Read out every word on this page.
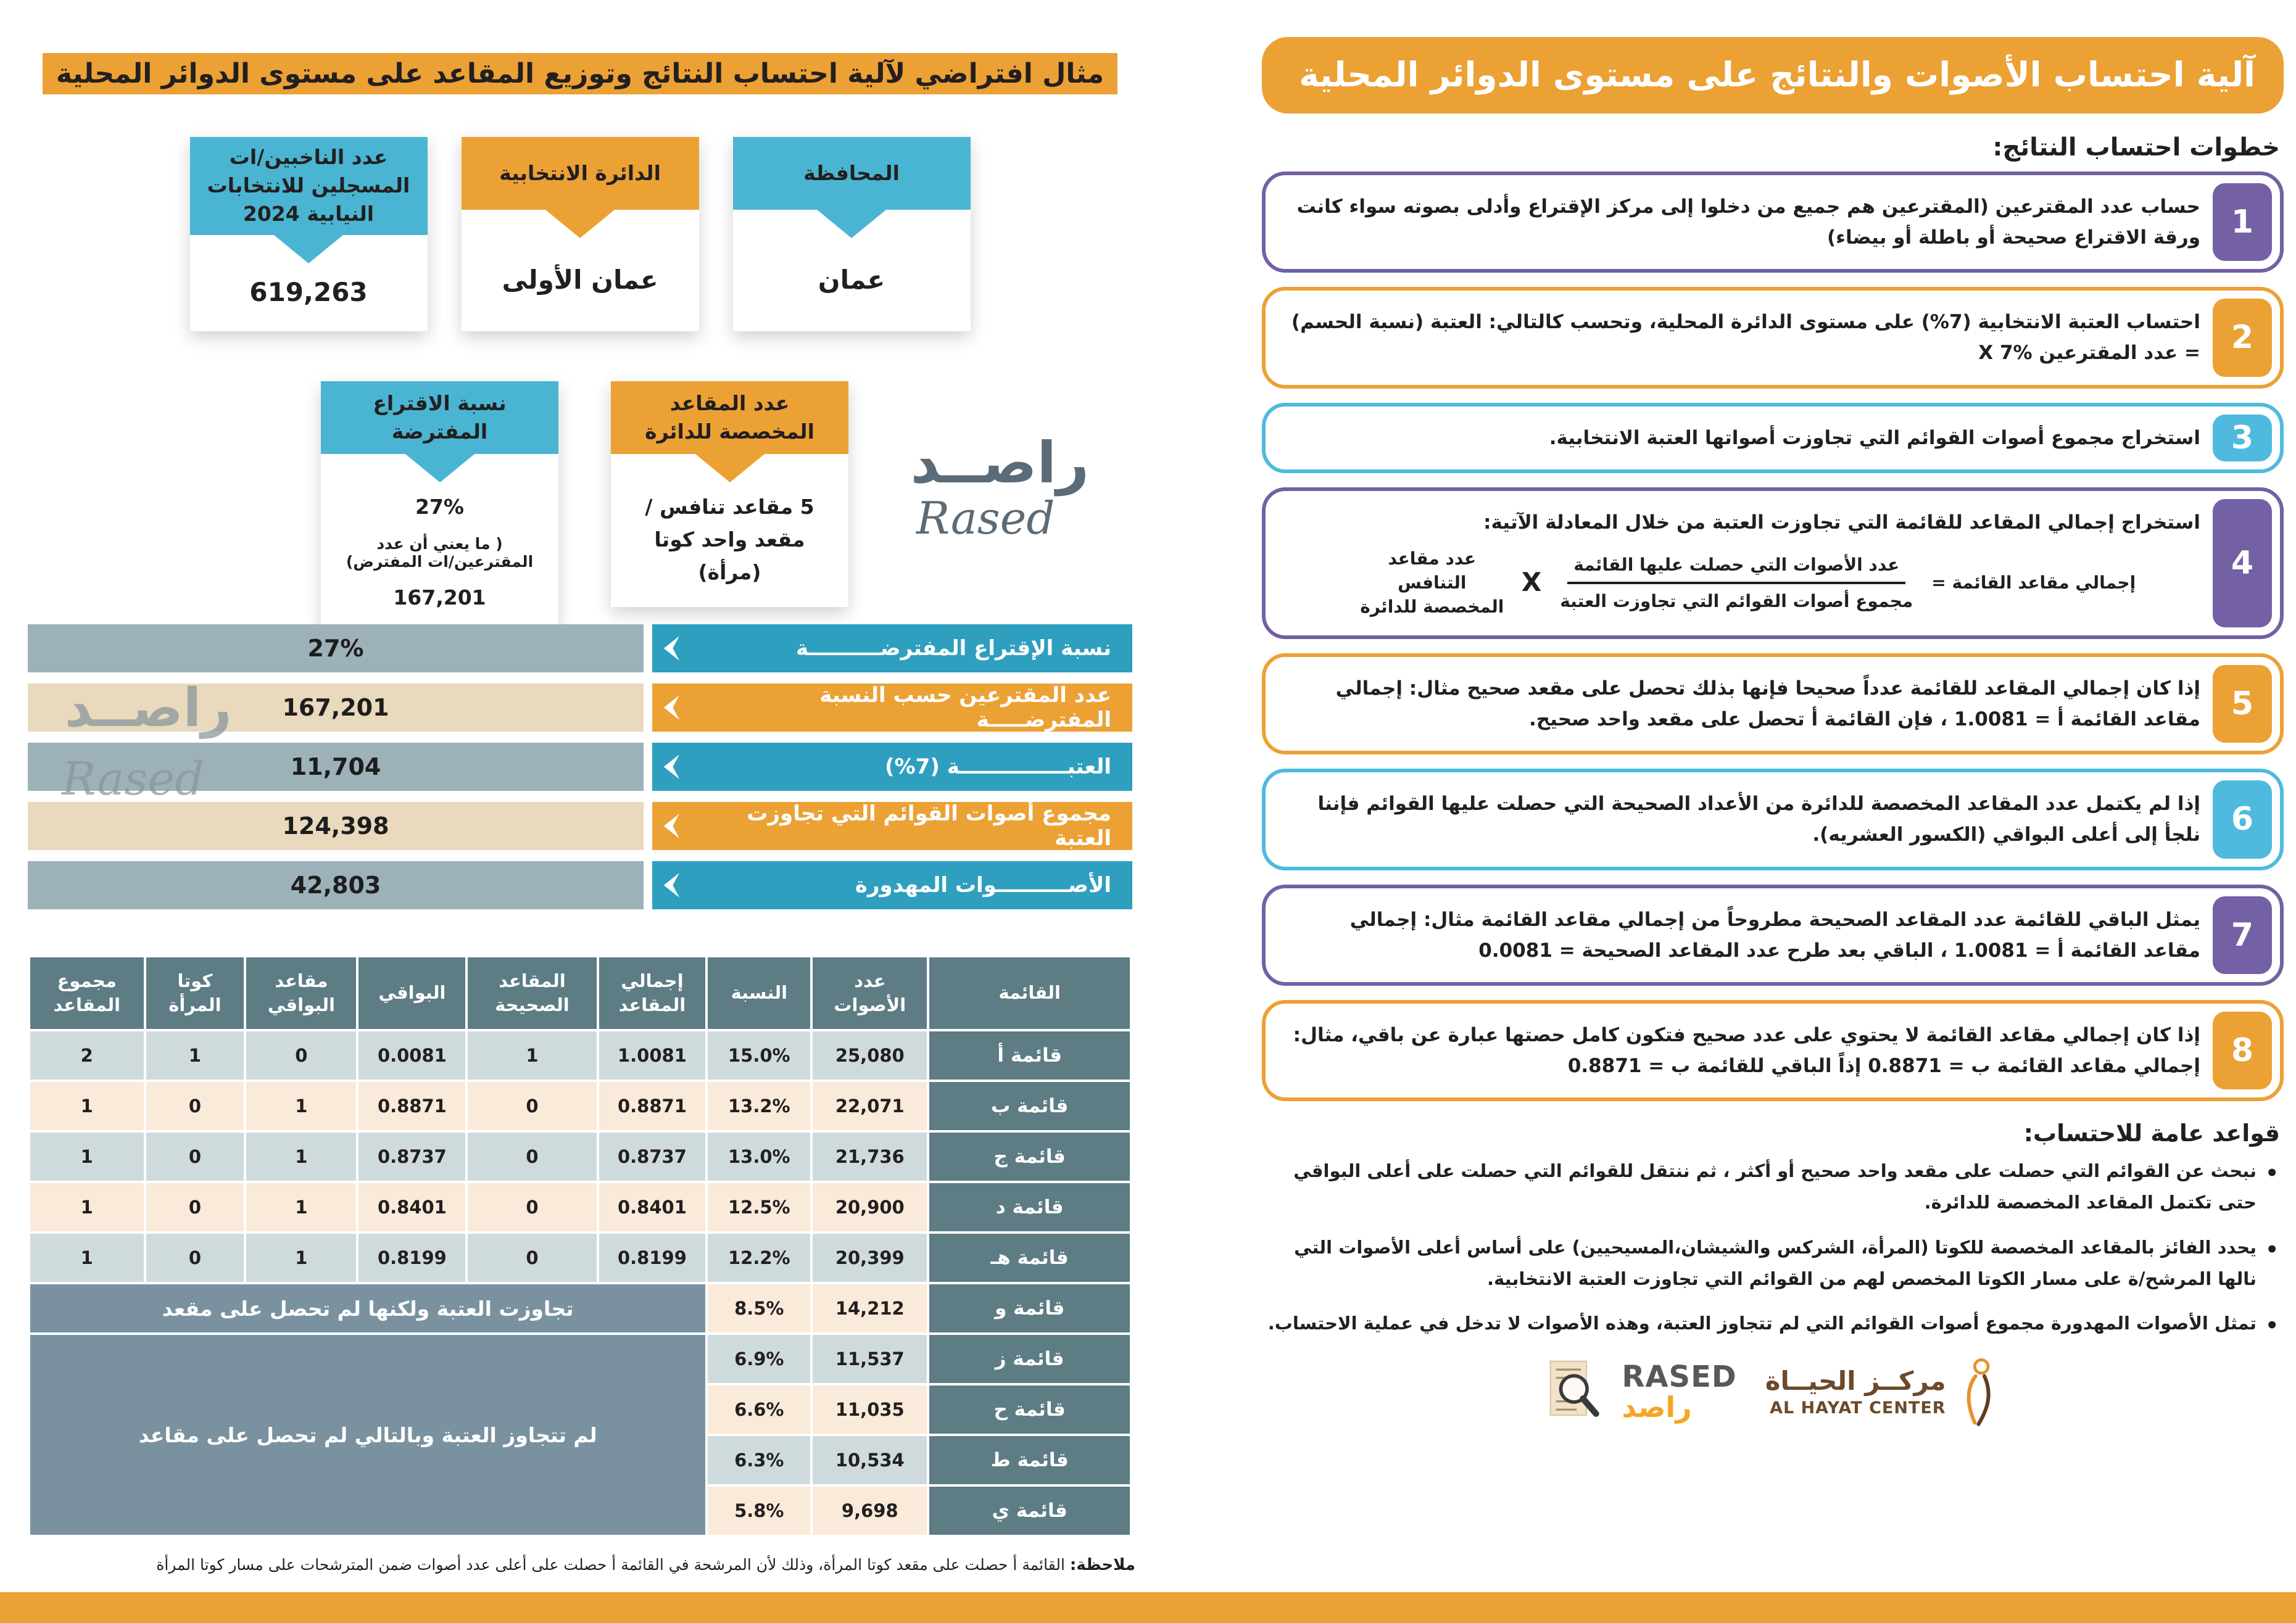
مثال افتراضي لآلية احتساب النتائج وتوزيع المقاعد على مستوى الدوائر المحلية
المحافظة
عمان
الدائرة الانتخابية
عمان الأولى
عدد الناخبين/ات المسجلين للانتخابات النيابية 2024
619,263
عدد المقاعد المخصصة للدائرة
5 مقاعد تنافس / مقعد واحد كوتا (مرأة)
نسبة الاقتراع المفترضة
27%
( ما يعني أن عدد المقترعين/ات المفترض)
167,201
راصــد
Rased
نسبة الإقتراع المفترضــــــــــة
27%
عدد المقترعين حسب النسبة المفترضـــــة
167,201
العتبـــــــــــــــة (7%)
11,704
مجموع أصوات القوائم التي تجاوزت العتبة
124,398
الأصــــــــــوات المهدورة
42,803
راصــد
Rased
القائمة	عدد الأصوات	النسبة	إجمالي المقاعد	المقاعد الصحيحة	البواقي	مقاعد البواقي	كوتا المرأة	مجموع المقاعد
قائمة أ	25,080	15.0%	1.0081	1	0.0081	0	1	2
قائمة ب	22,071	13.2%	0.8871	0	0.8871	1	0	1
قائمة ج	21,736	13.0%	0.8737	0	0.8737	1	0	1
قائمة د	20,900	12.5%	0.8401	0	0.8401	1	0	1
قائمة هـ	20,399	12.2%	0.8199	0	0.8199	1	0	1
قائمة و	14,212	8.5%	تجاوزت العتبة ولكنها لم تحصل على مقعد					
قائمة ز	11,537	6.9%	لم تتجاوز العتبة وبالتالي لم تحصل على مقاعد					
قائمة ح	11,035	6.6%						
قائمة ط	10,534	6.3%						
قائمة ي	9,698	5.8%						

ملاحظة: القائمة أ حصلت على مقعد كوتا المرأة، وذلك لأن المرشحة في القائمة أ حصلت على أعلى عدد أصوات ضمن المترشحات على مسار كوتا المرأة

آلية احتساب الأصوات والنتائج على مستوى الدوائر المحلية
خطوات احتساب النتائج:
1
حساب عدد المقترعين (المقترعين هم جميع من دخلوا إلى مركز الإقتراع وأدلى بصوته سواء كانت ورقة الاقتراع صحيحة أو باطلة أو بيضاء)
2
احتساب العتبة الانتخابية (7%) على مستوى الدائرة المحلية، وتحسب كالتالي: العتبة (نسبة الحسم) = عدد المقترعين X 7%
3
استخراج مجموع أصوات القوائم التي تجاوزت أصواتها العتبة الانتخابية.
4
استخراج إجمالي المقاعد للقائمة التي تجاوزت العتبة من خلال المعادلة الآتية:
إجمالي مقاعد القائمة =
$\frac{\text{عدد الأصوات التي حصلت عليها القائمة}}{\text{مجموع أصوات القوائم التي تجاوزت العتبة}}$
X
عدد مقاعد التنافس المخصصة للدائرة
5
إذا كان إجمالي المقاعد للقائمة عدداً صحيحا فإنها بذلك تحصل على مقعد صحيح مثال: إجمالي مقاعد القائمة أ = 1.0081 ، فإن القائمة أ تحصل على مقعد واحد صحيح.
6
إذا لم يكتمل عدد المقاعد المخصصة للدائرة من الأعداد الصحيحة التي حصلت عليها القوائم فإننا نلجأ إلى أعلى البواقي (الكسور العشريه).
7
يمثل الباقي للقائمة عدد المقاعد الصحيحة مطروحاً من إجمالي مقاعد القائمة مثال: إجمالي مقاعد القائمة أ = 1.0081 ، الباقي بعد طرح عدد المقاعد الصحيحة = 0.0081
8
إذا كان إجمالي مقاعد القائمة لا يحتوي على عدد صحيح فتكون كامل حصتها عبارة عن باقي، مثال: إجمالي مقاعد القائمة ب = 0.8871 إذاً الباقي للقائمة ب = 0.8871
قواعد عامة للاحتساب:
• نبحث عن القوائم التي حصلت على مقعد واحد صحيح أو أكثر ، ثم ننتقل للقوائم التي حصلت على أعلى البواقي حتى تكتمل المقاعد المخصصة للدائرة.
• يحدد الفائز بالمقاعد المخصصة للكوتا (المرأة، الشركس والشيشان،المسيحيين) على أساس أعلى الأصوات التي نالها المرشح/ة على مسار الكوتا المخصص لهم من القوائم التي تجاوزت العتبة الانتخابية.
• تمثل الأصوات المهدورة مجموع أصوات القوائم التي لم تتجاوز العتبة، وهذه الأصوات لا تدخل في عملية الاحتساب.
RASED
راصد
مركــز الحيــاة
AL HAYAT CENTER
